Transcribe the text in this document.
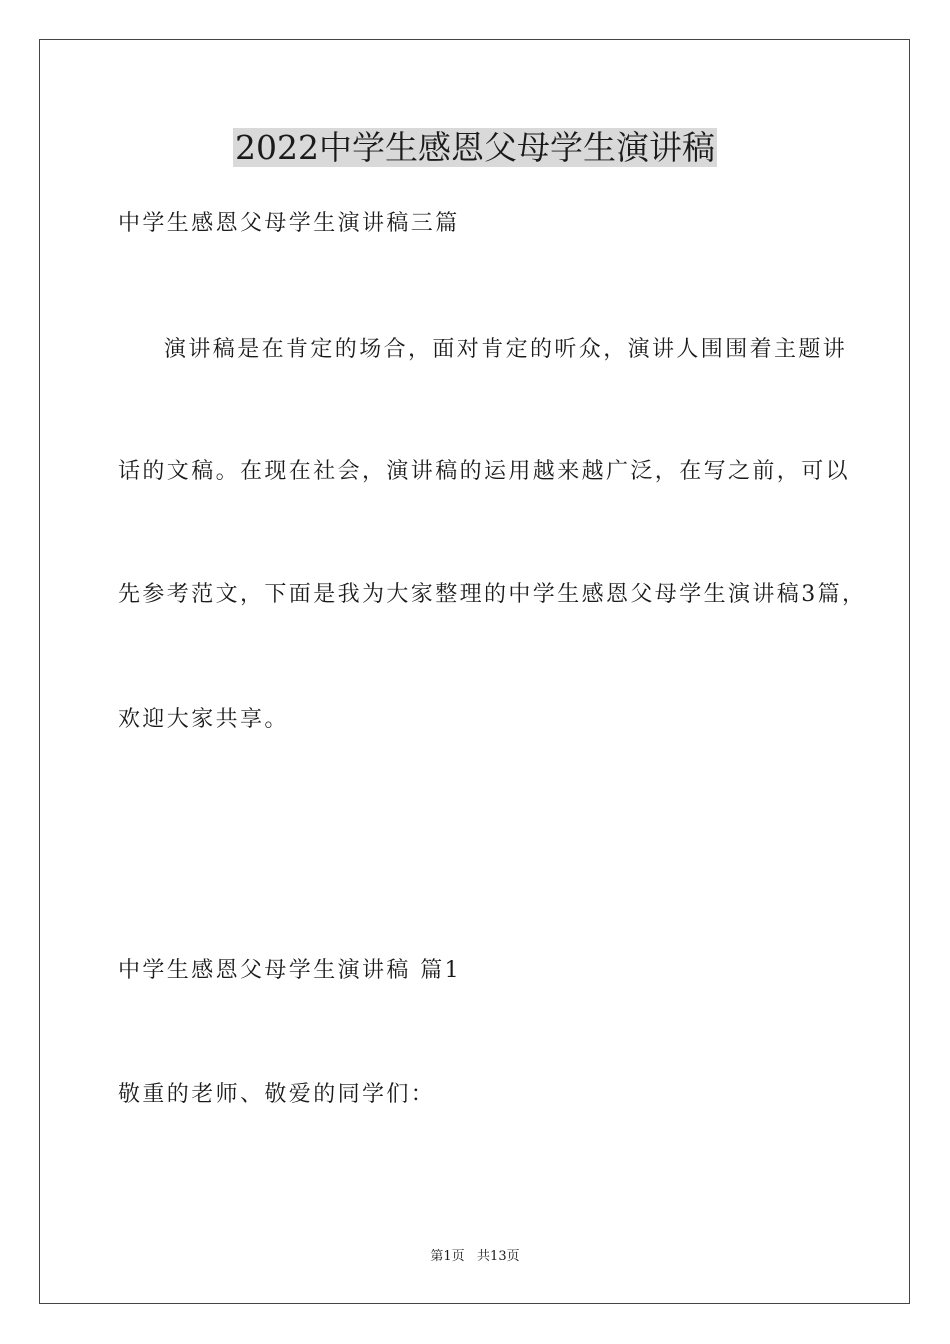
2022中学生感恩父母学生演讲稿
中学生感恩父母学生演讲稿三篇
演讲稿是在肯定的场合，面对肯定的听众，演讲人围围着主题讲
话的文稿。在现在社会，演讲稿的运用越来越广泛，在写之前，可以
先参考范文，下面是我为大家整理的中学生感恩父母学生演讲稿3篇，
欢迎大家共享。
中学生感恩父母学生演讲稿 篇1
敬重的老师、敬爱的同学们：
第1页   共13页
